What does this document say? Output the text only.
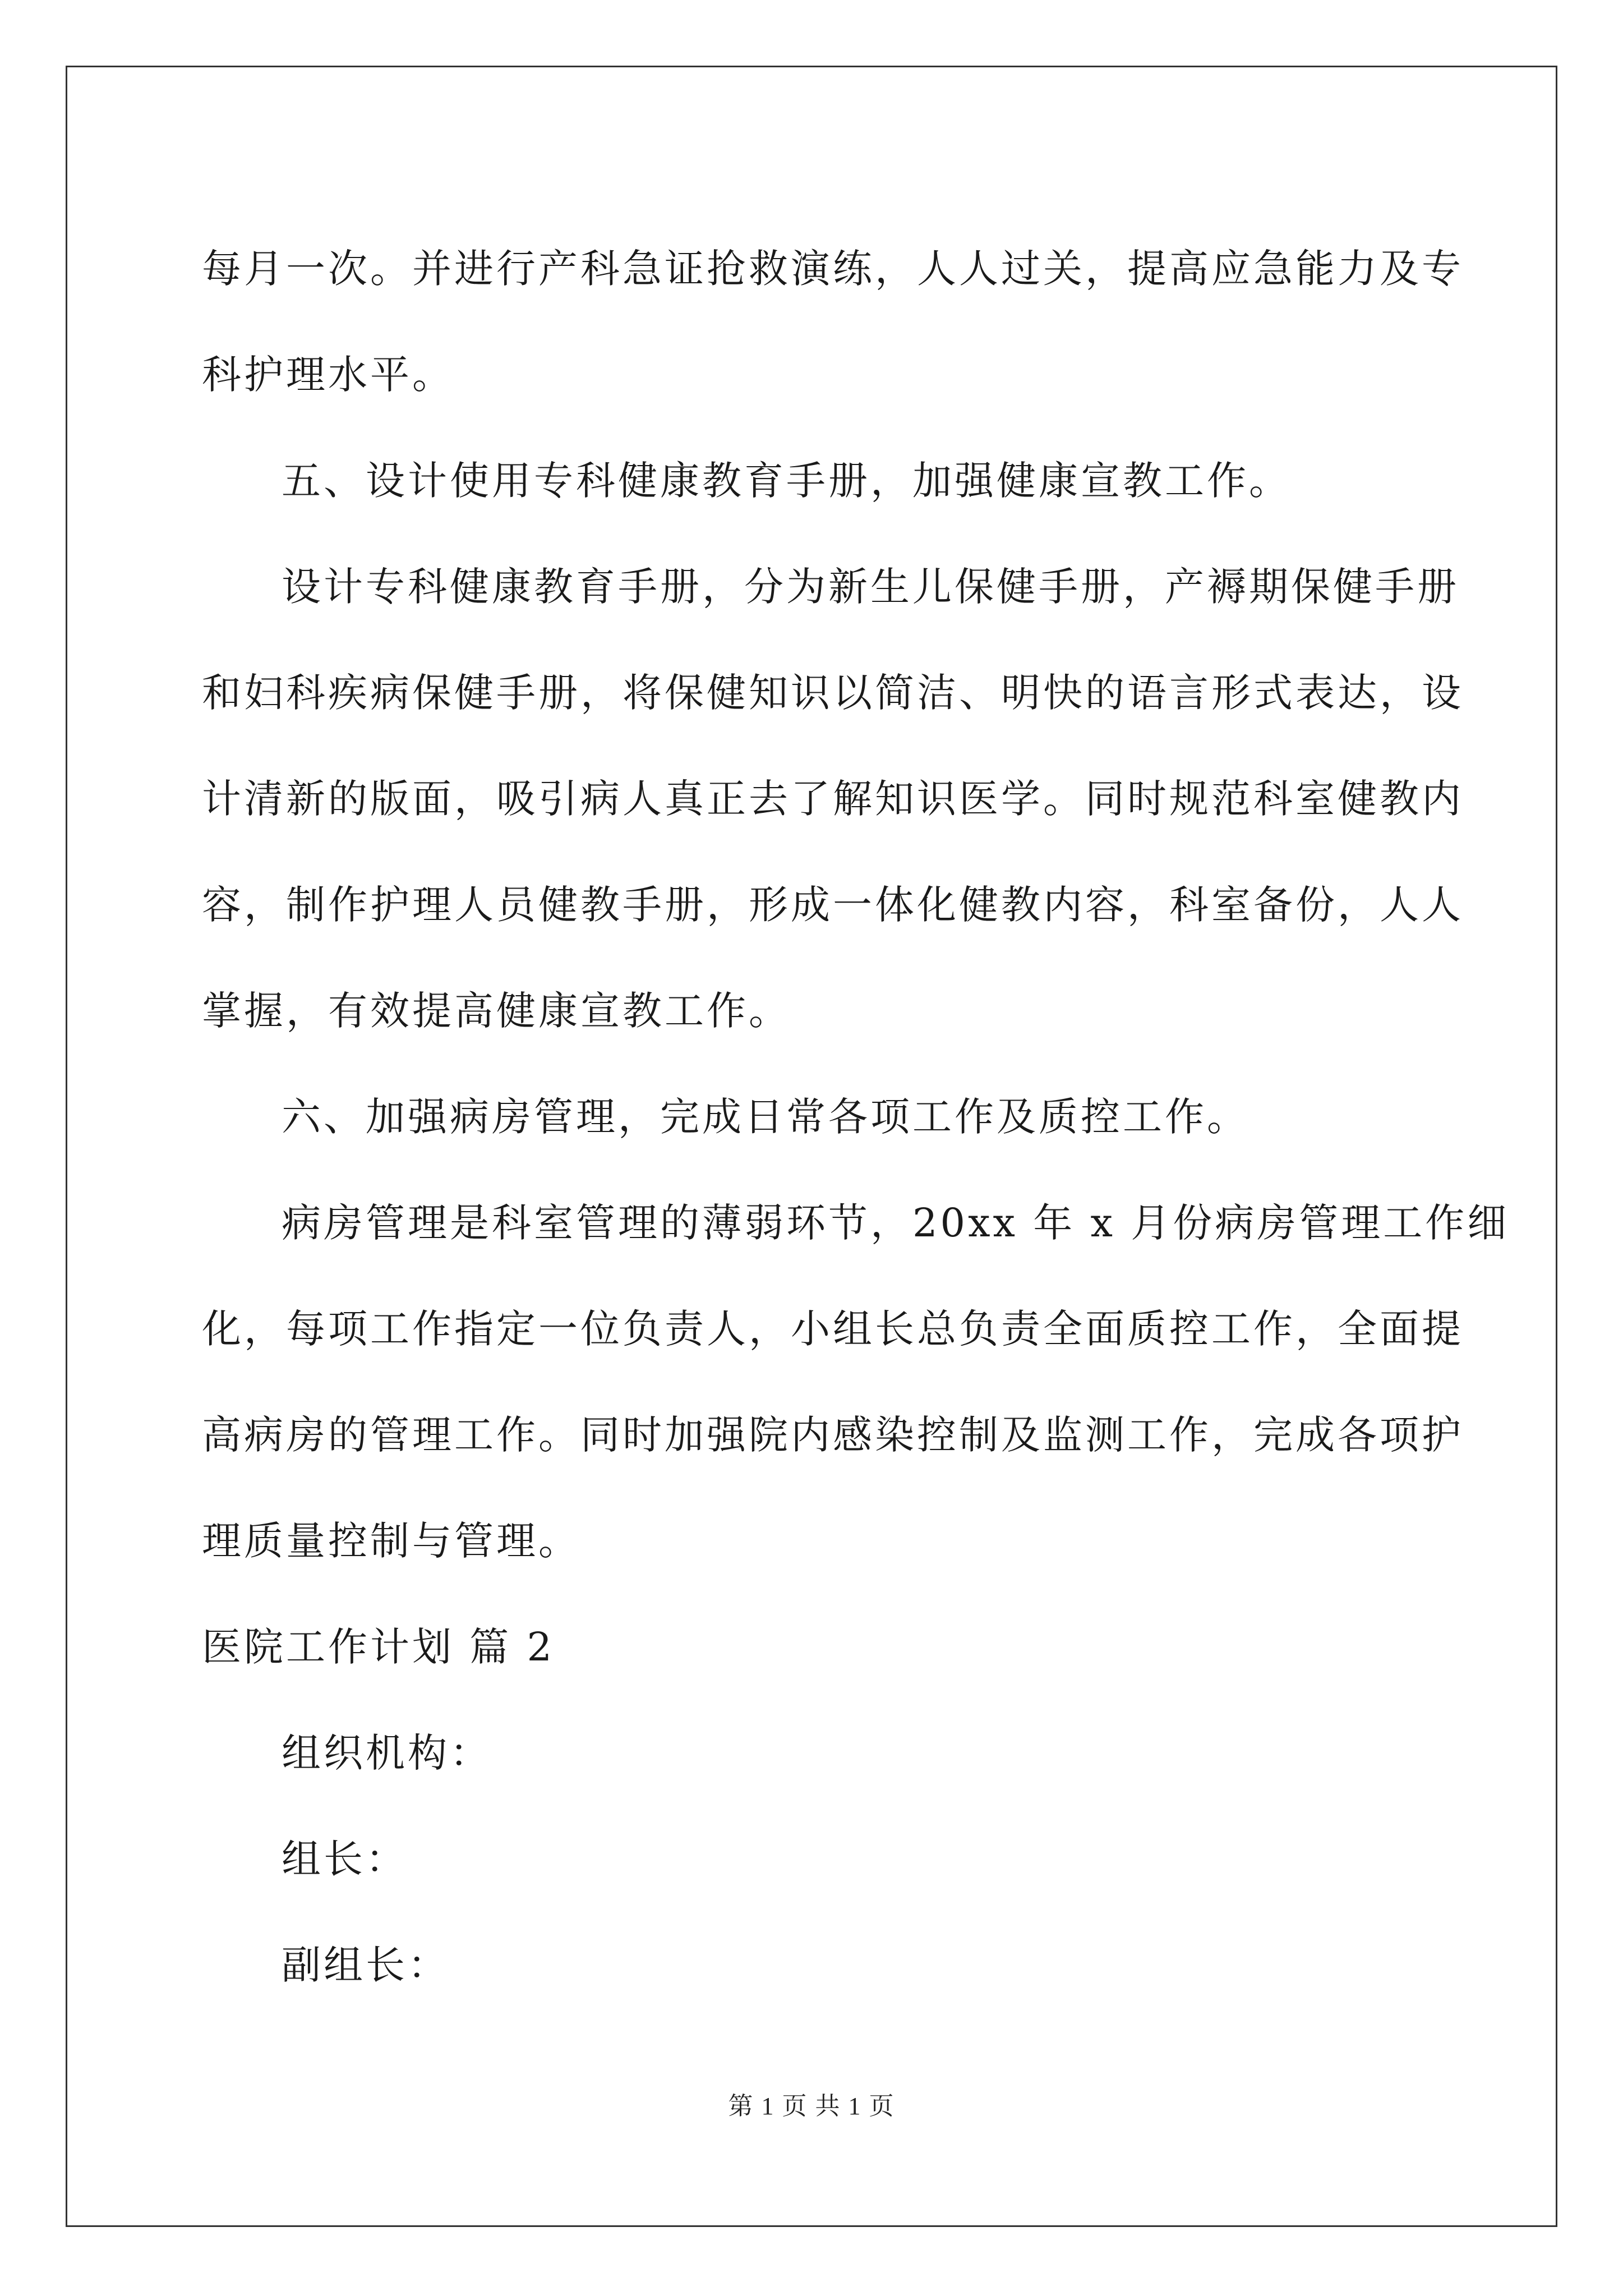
每月一次。并进行产科急证抢救演练，人人过关，提高应急能力及专

科护理水平。

五、设计使用专科健康教育手册，加强健康宣教工作。

设计专科健康教育手册，分为新生儿保健手册，产褥期保健手册

和妇科疾病保健手册，将保健知识以简洁、明快的语言形式表达，设

计清新的版面，吸引病人真正去了解知识医学。同时规范科室健教内

容，制作护理人员健教手册，形成一体化健教内容，科室备份，人人

掌握，有效提高健康宣教工作。

六、加强病房管理，完成日常各项工作及质控工作。

病房管理是科室管理的薄弱环节，20xx 年 x 月份病房管理工作细

化，每项工作指定一位负责人，小组长总负责全面质控工作，全面提

高病房的管理工作。同时加强院内感染控制及监测工作，完成各项护

理质量控制与管理。

医院工作计划 篇 2

组织机构：

组长：

副组长：

第 1 页 共 1 页
